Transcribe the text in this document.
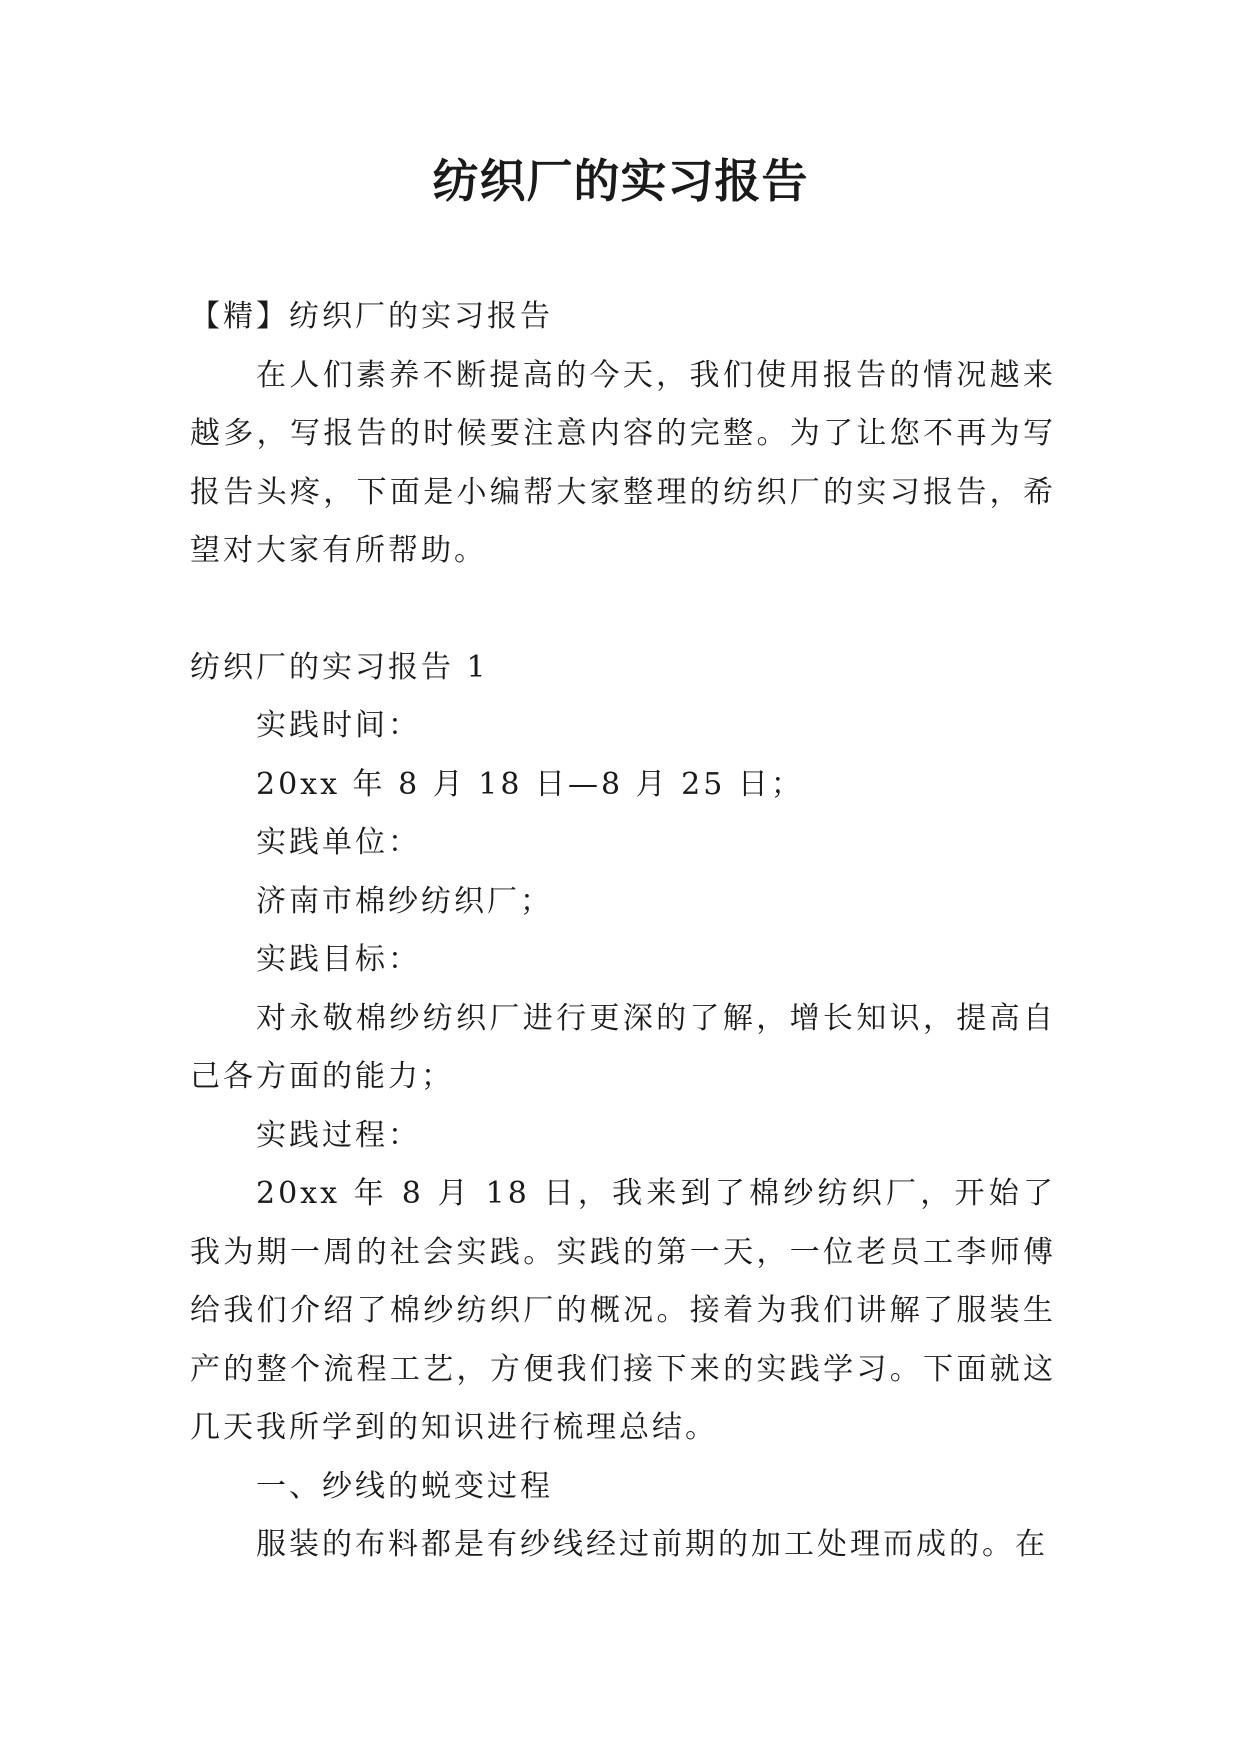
纺织厂的实习报告

【精】纺织厂的实习报告

在人们素养不断提高的今天，我们使用报告的情况越来越多，写报告的时候要注意内容的完整。为了让您不再为写报告头疼，下面是小编帮大家整理的纺织厂的实习报告，希望对大家有所帮助。

纺织厂的实习报告 1

实践时间：

20xx 年 8 月 18 日—8 月 25 日；

实践单位：

济南市棉纱纺织厂；

实践目标：

对永敬棉纱纺织厂进行更深的了解，增长知识，提高自己各方面的能力；

实践过程：

20xx 年 8 月 18 日，我来到了棉纱纺织厂，开始了我为期一周的社会实践。实践的第一天，一位老员工李师傅给我们介绍了棉纱纺织厂的概况。接着为我们讲解了服装生产的整个流程工艺，方便我们接下来的实践学习。下面就这几天我所学到的知识进行梳理总结。

一、纱线的蜕变过程

服装的布料都是有纱线经过前期的加工处理而成的。在
